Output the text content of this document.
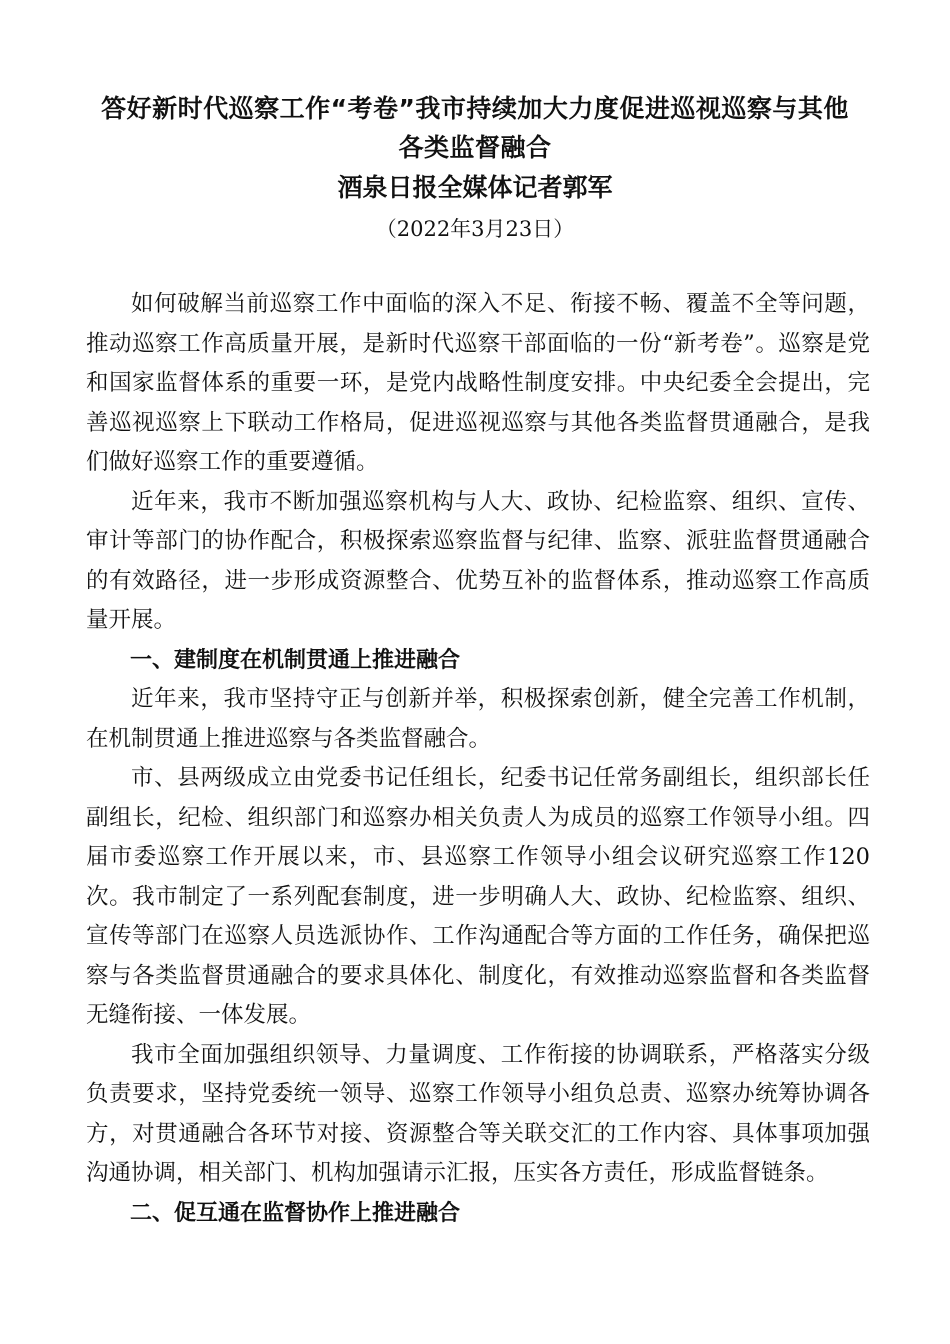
答好新时代巡察工作“考卷”我市持续加大力度促进巡视巡察与其他
各类监督融合
酒泉日报全媒体记者郭军
（2022年3月23日）

如何破解当前巡察工作中面临的深入不足、衔接不畅、覆盖不全等问题，推动巡察工作高质量开展，是新时代巡察干部面临的一份“新考卷”。巡察是党和国家监督体系的重要一环，是党内战略性制度安排。中央纪委全会提出，完善巡视巡察上下联动工作格局，促进巡视巡察与其他各类监督贯通融合，是我们做好巡察工作的重要遵循。

近年来，我市不断加强巡察机构与人大、政协、纪检监察、组织、宣传、审计等部门的协作配合，积极探索巡察监督与纪律、监察、派驻监督贯通融合的有效路径，进一步形成资源整合、优势互补的监督体系，推动巡察工作高质量开展。

一、建制度在机制贯通上推进融合

近年来，我市坚持守正与创新并举，积极探索创新，健全完善工作机制，在机制贯通上推进巡察与各类监督融合。

市、县两级成立由党委书记任组长，纪委书记任常务副组长，组织部长任副组长，纪检、组织部门和巡察办相关负责人为成员的巡察工作领导小组。四届市委巡察工作开展以来，市、县巡察工作领导小组会议研究巡察工作120次。我市制定了一系列配套制度，进一步明确人大、政协、纪检监察、组织、宣传等部门在巡察人员选派协作、工作沟通配合等方面的工作任务，确保把巡察与各类监督贯通融合的要求具体化、制度化，有效推动巡察监督和各类监督无缝衔接、一体发展。

我市全面加强组织领导、力量调度、工作衔接的协调联系，严格落实分级负责要求，坚持党委统一领导、巡察工作领导小组负总责、巡察办统筹协调各方，对贯通融合各环节对接、资源整合等关联交汇的工作内容、具体事项加强沟通协调，相关部门、机构加强请示汇报，压实各方责任，形成监督链条。

二、促互通在监督协作上推进融合
